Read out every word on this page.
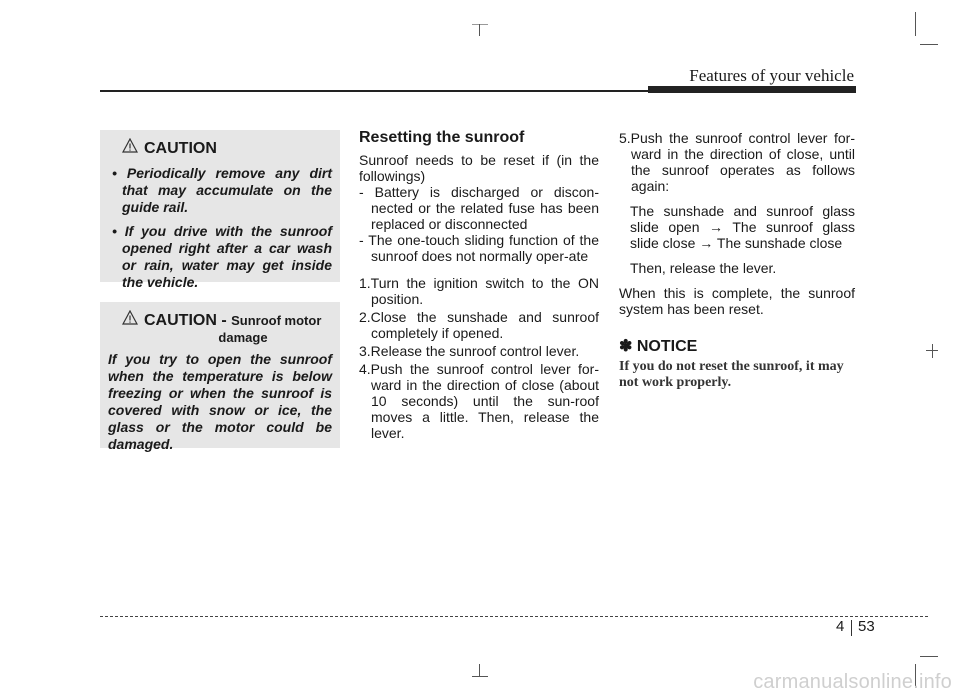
Features of your vehicle
CAUTION

• Periodically remove any dirt that may accumulate on the guide rail.

• If you drive with the sunroof opened right after a car wash or rain, water may get inside the vehicle.

CAUTION - Sunroof motor
damage

If you try to open the sunroof when the temperature is below freezing or when the sunroof is covered with snow or ice, the glass or the motor could be damaged.

Resetting the sunroof

Sunroof needs to be reset if (in the followings)

- Battery is discharged or discon-nected or the related fuse has been replaced or disconnected

- The one-touch sliding function of the sunroof does not normally oper-ate

1.Turn the ignition switch to the ON position.

2.Close the sunshade and sunroof completely if opened.

3.Release the sunroof control lever.

4.Push the sunroof control lever for-ward in the direction of close (about 10 seconds) until the sun-roof moves a little. Then, release the lever.

5.Push the sunroof control lever for-ward in the direction of close, until the sunroof operates as follows again:

The sunshade and sunroof glass slide open → The sunroof glass slide close → The sunshade close

Then, release the lever.

When this is complete, the sunroof system has been reset.

✽ NOTICE

If you do not reset the sunroof, it may not work properly.

4 53
carmanualsonline.info
